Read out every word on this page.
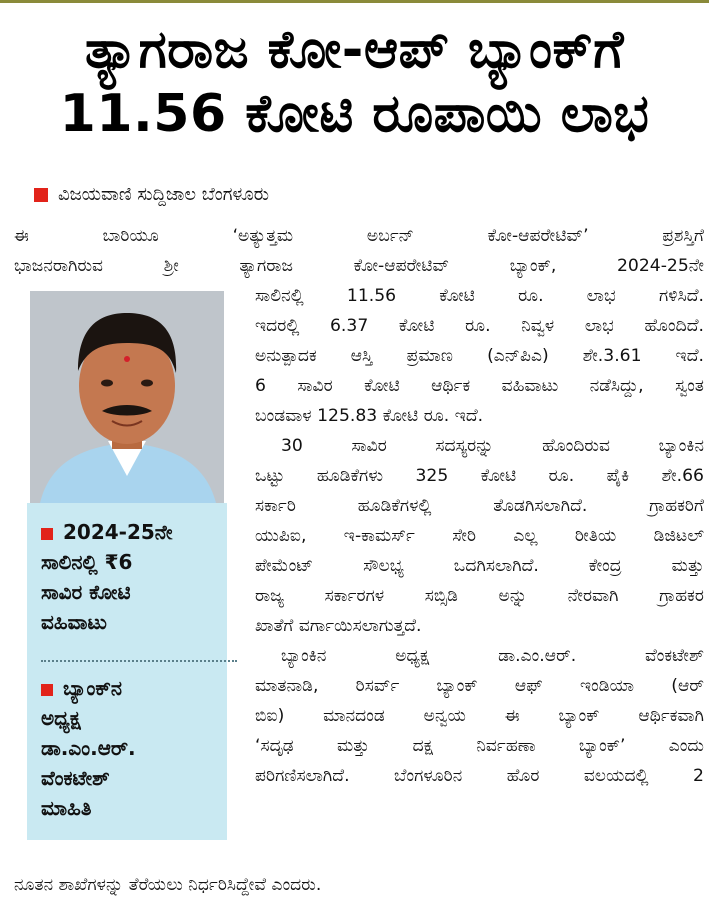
ತ್ಯಾಗರಾಜ ಕೋ-ಆಪ್ ಬ್ಯಾಂಕ್‌ಗೆ
11.56 ಕೋಟಿ ರೂಪಾಯಿ ಲಾಭ
ವಿಜಯವಾಣಿ ಸುದ್ದಿಜಾಲ ಬೆಂಗಳೂರು
ಈ ಬಾರಿಯೂ ‘ಅತ್ಯುತ್ತಮ ಅರ್ಬನ್ ಕೋ-ಆಪರೇಟಿವ್’ ಪ್ರಶಸ್ತಿಗೆ
ಭಾಜನರಾಗಿರುವ ಶ್ರೀ ತ್ಯಾಗರಾಜ ಕೋ-ಆಪರೇಟಿವ್ ಬ್ಯಾಂಕ್, 2024-25ನೇ
ಸಾಲಿನಲ್ಲಿ 11.56 ಕೋಟಿ ರೂ. ಲಾಭ ಗಳಿಸಿದೆ.
ಇದರಲ್ಲಿ 6.37 ಕೋಟಿ ರೂ. ನಿವ್ವಳ ಲಾಭ ಹೊಂದಿದೆ.
ಅನುತ್ಪಾದಕ ಆಸ್ತಿ ಪ್ರಮಾಣ (ಎನ್‌ಪಿಎ) ಶೇ.3.61 ಇದೆ.
6 ಸಾವಿರ ಕೋಟಿ ಆರ್ಥಿಕ ವಹಿವಾಟು ನಡೆಸಿದ್ದು, ಸ್ವಂತ
ಬಂಡವಾಳ 125.83 ಕೋಟಿ ರೂ. ಇದೆ.
30 ಸಾವಿರ ಸದಸ್ಯರನ್ನು ಹೊಂದಿರುವ ಬ್ಯಾಂಕಿನ
ಒಟ್ಟು ಹೂಡಿಕೆಗಳು 325 ಕೋಟಿ ರೂ. ಪೈಕಿ ಶೇ.66
ಸರ್ಕಾರಿ ಹೂಡಿಕೆಗಳಲ್ಲಿ ತೊಡಗಿಸಲಾಗಿದೆ. ಗ್ರಾಹಕರಿಗೆ
ಯುಪಿಐ, ಇ-ಕಾಮರ್ಸ್ ಸೇರಿ ಎಲ್ಲ ರೀತಿಯ ಡಿಜಿಟಲ್
ಪೇಮೆಂಟ್ ಸೌಲಭ್ಯ ಒದಗಿಸಲಾಗಿದೆ. ಕೇಂದ್ರ ಮತ್ತು
ರಾಜ್ಯ ಸರ್ಕಾರಗಳ ಸಬ್ಸಿಡಿ ಅನ್ನು ನೇರವಾಗಿ ಗ್ರಾಹಕರ
ಖಾತೆಗೆ ವರ್ಗಾಯಿಸಲಾಗುತ್ತದೆ.
ಬ್ಯಾಂಕಿನ ಅಧ್ಯಕ್ಷ ಡಾ.ಎಂ.ಆರ್. ವೆಂಕಟೇಶ್
ಮಾತನಾಡಿ, ರಿಸರ್ವ್ ಬ್ಯಾಂಕ್ ಆಫ್ ಇಂಡಿಯಾ (ಆರ್
ಬಿಐ) ಮಾನದಂಡ ಅನ್ವಯ ಈ ಬ್ಯಾಂಕ್ ಆರ್ಥಿಕವಾಗಿ
‘ಸದೃಢ ಮತ್ತು ದಕ್ಷ ನಿರ್ವಹಣಾ ಬ್ಯಾಂಕ್’ ಎಂದು
ಪರಿಗಣಿಸಲಾಗಿದೆ. ಬೆಂಗಳೂರಿನ ಹೊರ ವಲಯದಲ್ಲಿ 2
2024-25ನೇ
ಸಾಲಿನಲ್ಲಿ ₹6
ಸಾವಿರ ಕೋಟಿ
ವಹಿವಾಟು
ಬ್ಯಾಂಕ್‌ನ
ಅಧ್ಯಕ್ಷ
ಡಾ.ಎಂ.ಆರ್.
ವೆಂಕಟೇಶ್
ಮಾಹಿತಿ
ನೂತನ ಶಾಖೆಗಳನ್ನು ತೆರೆಯಲು ನಿರ್ಧರಿಸಿದ್ದೇವೆ ಎಂದರು.
